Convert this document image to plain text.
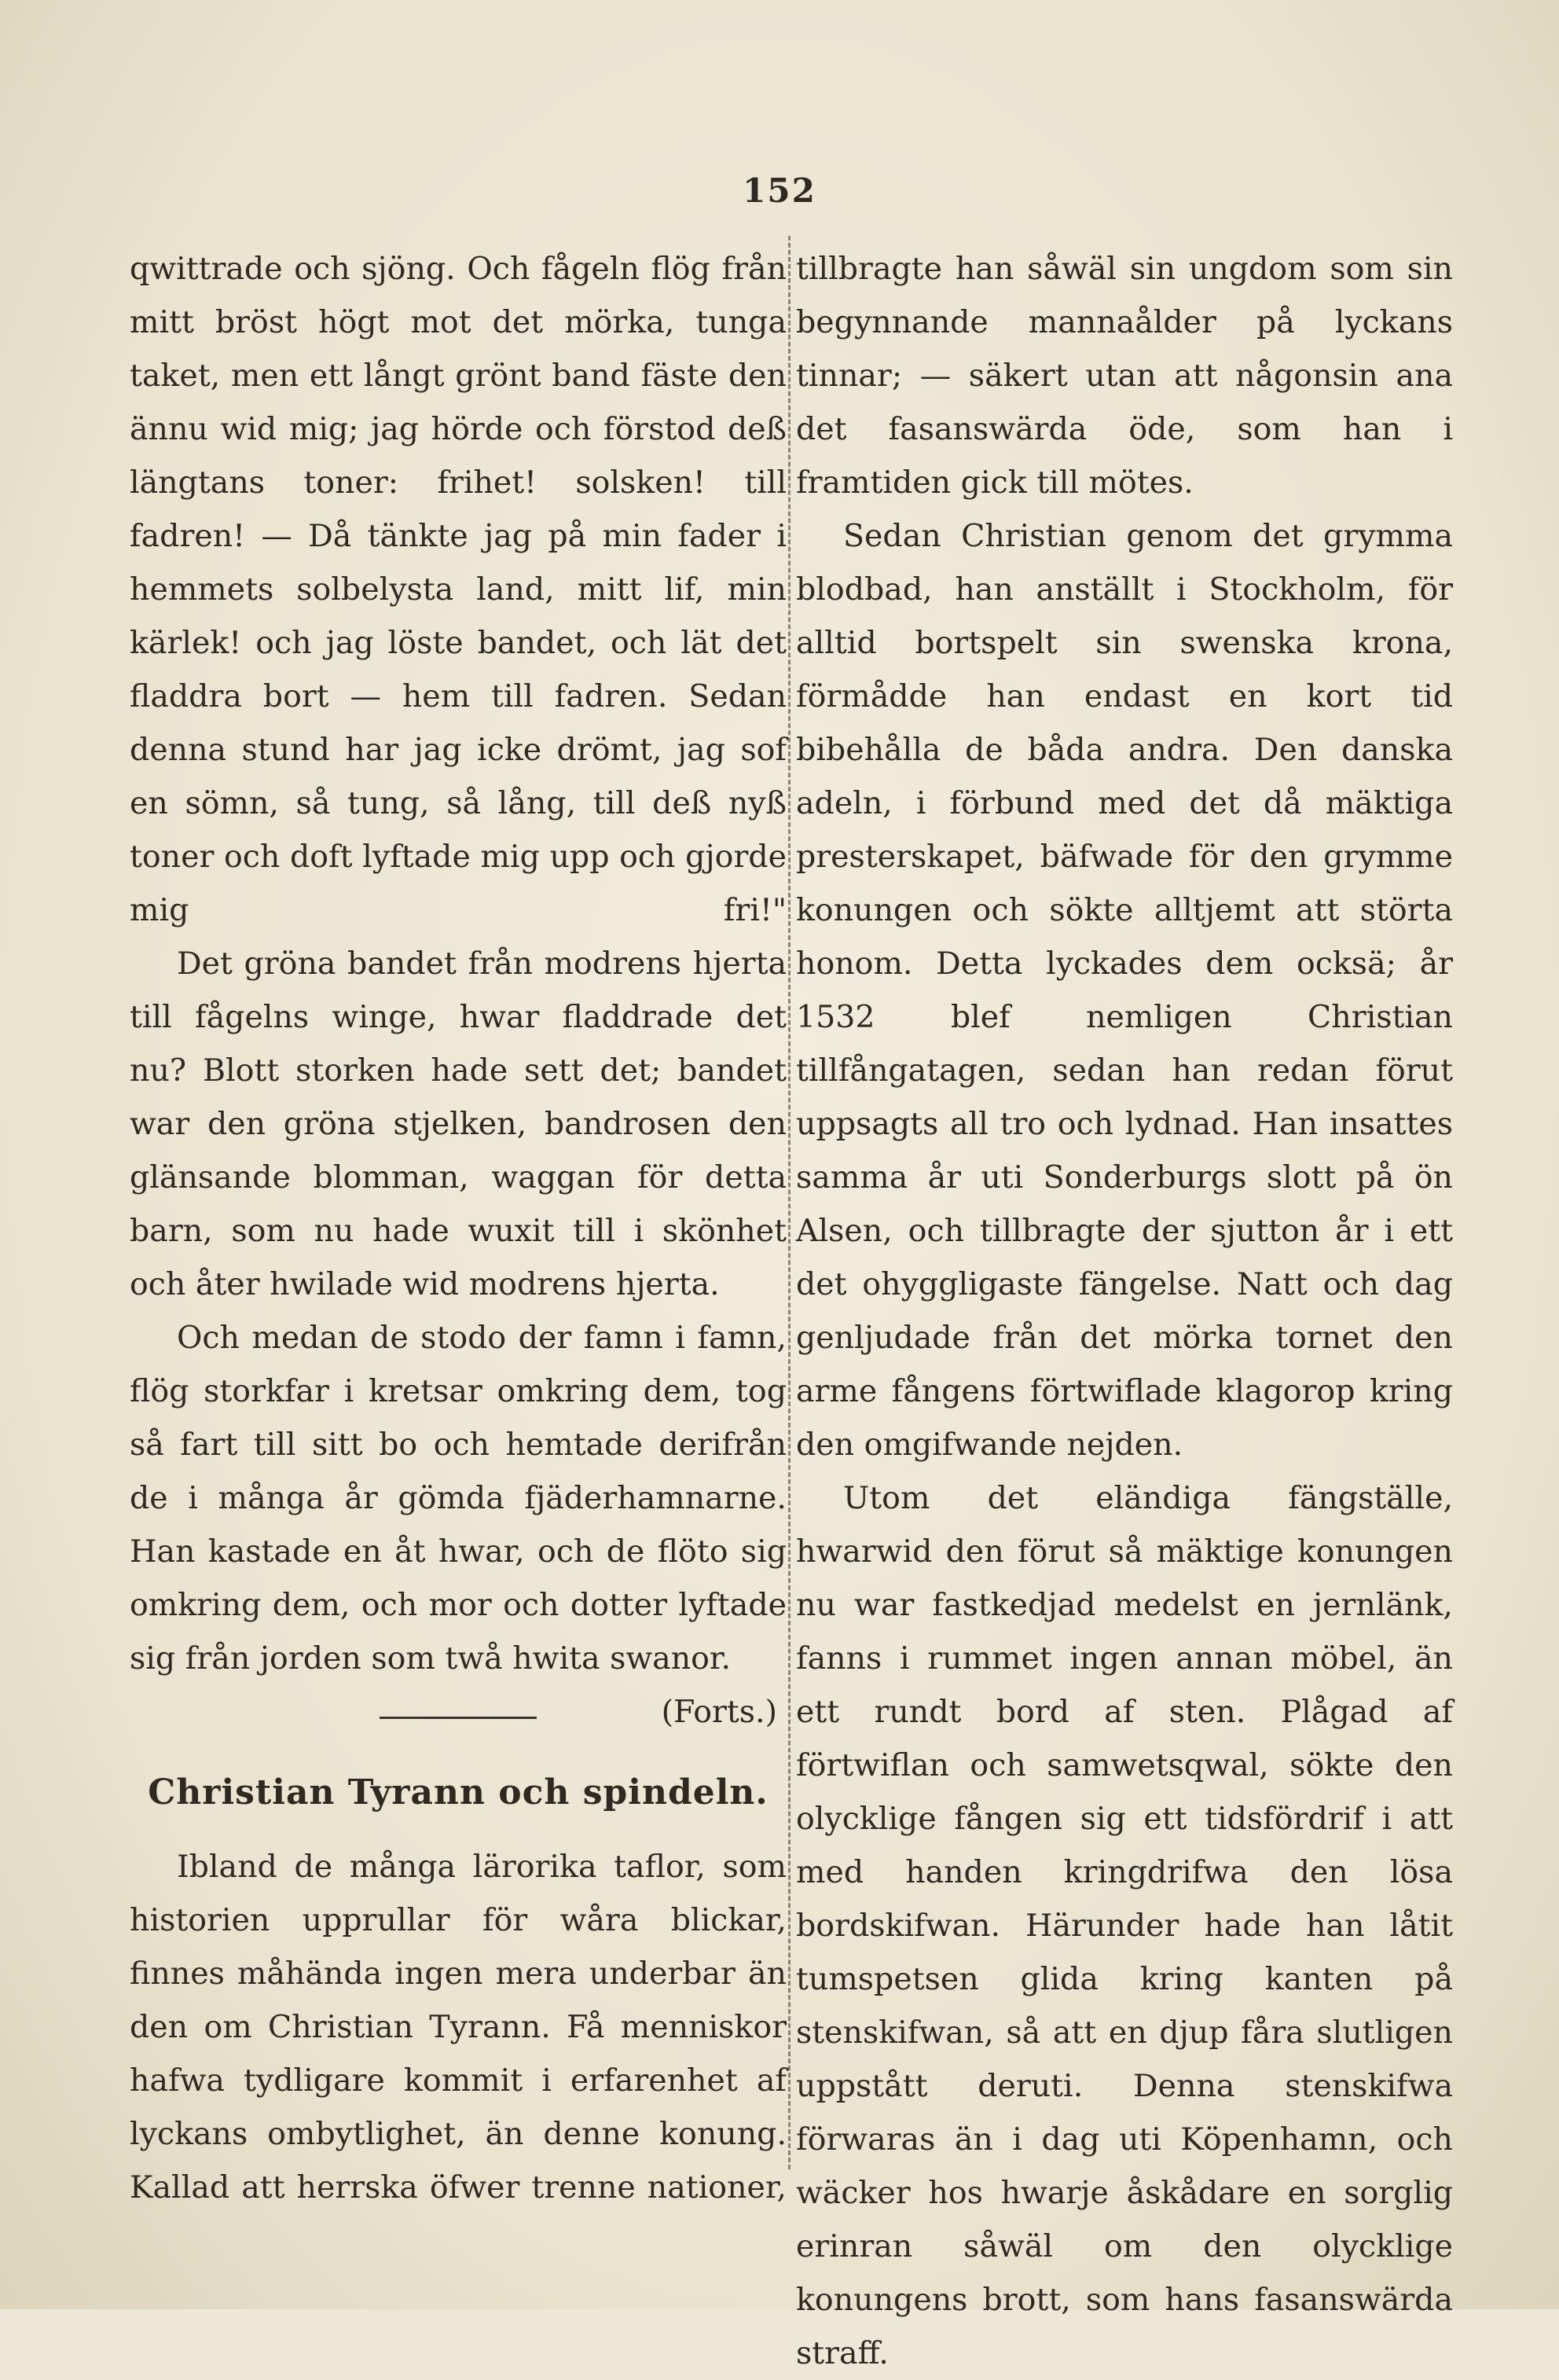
152

qwittrade och sjöng. Och fågeln flög från mitt bröst högt mot det mörka, tunga taket, men ett långt grönt band fäste den ännu wid mig; jag hörde och förstod deß längtans toner: frihet! solsken! till fadren! — Då tänkte jag på min fader i hemmets solbelysta land, mitt lif, min kärlek! och jag löste bandet, och lät det fladdra bort — hem till fadren. Sedan denna stund har jag icke drömt, jag sof en sömn, så tung, så lång, till deß nyß toner och doft lyftade mig upp och gjorde mig fri!"

Det gröna bandet från modrens hjerta till fågelns winge, hwar fladdrade det nu? Blott storken hade sett det; bandet war den gröna stjelken, bandrosen den glänsande blomman, waggan för detta barn, som nu hade wuxit till i skönhet och åter hwilade wid modrens hjerta.

Och medan de stodo der famn i famn, flög storkfar i kretsar omkring dem, tog så fart till sitt bo och hemtade derifrån de i många år gömda fjäderhamnarne. Han kastade en åt hwar, och de flöto sig omkring dem, och mor och dotter lyftade sig från jorden som twå hwita swanor.

(Forts.)

Christian Tyrann och spindeln.

Ibland de många lärorika taflor, som historien upprullar för wåra blickar, finnes måhända ingen mera underbar än den om Christian Tyrann. Få menniskor hafwa tydligare kommit i erfarenhet af lyckans ombytlighet, än denne konung. Kallad att herrska öfwer trenne nationer,

tillbragte han såwäl sin ungdom som sin begynnande mannaålder på lyckans tinnar; — säkert utan att någonsin ana det fasanswärda öde, som han i framtiden gick till mötes.

Sedan Christian genom det grymma blodbad, han anställt i Stockholm, för alltid bortspelt sin swenska krona, förmådde han endast en kort tid bibehålla de båda andra. Den danska adeln, i förbund med det då mäktiga presterskapet, bäfwade för den grymme konungen och sökte alltjemt att störta honom. Detta lyckades dem ocksä; år 1532 blef nemligen Christian tillfångatagen, sedan han redan förut uppsagts all tro och lydnad. Han insattes samma år uti Sonderburgs slott på ön Alsen, och tillbragte der sjutton år i ett det ohyggligaste fängelse. Natt och dag genljudade från det mörka tornet den arme fångens förtwiflade klagorop kring den omgifwande nejden.

Utom det eländiga fängställe, hwarwid den förut så mäktige konungen nu war fastkedjad medelst en jernlänk, fanns i rummet ingen annan möbel, än ett rundt bord af sten. Plågad af förtwiflan och samwetsqwal, sökte den olycklige fången sig ett tidsfördrif i att med handen kringdrifwa den lösa bordskifwan. Härunder hade han låtit tumspetsen glida kring kanten på stenskifwan, så att en djup fåra slutligen uppstått deruti. Denna stenskifwa förwaras än i dag uti Köpenhamn, och wäcker hos hwarje åskådare en sorglig erinran såwäl om den olycklige konungens brott, som hans fasanswärda straff.
